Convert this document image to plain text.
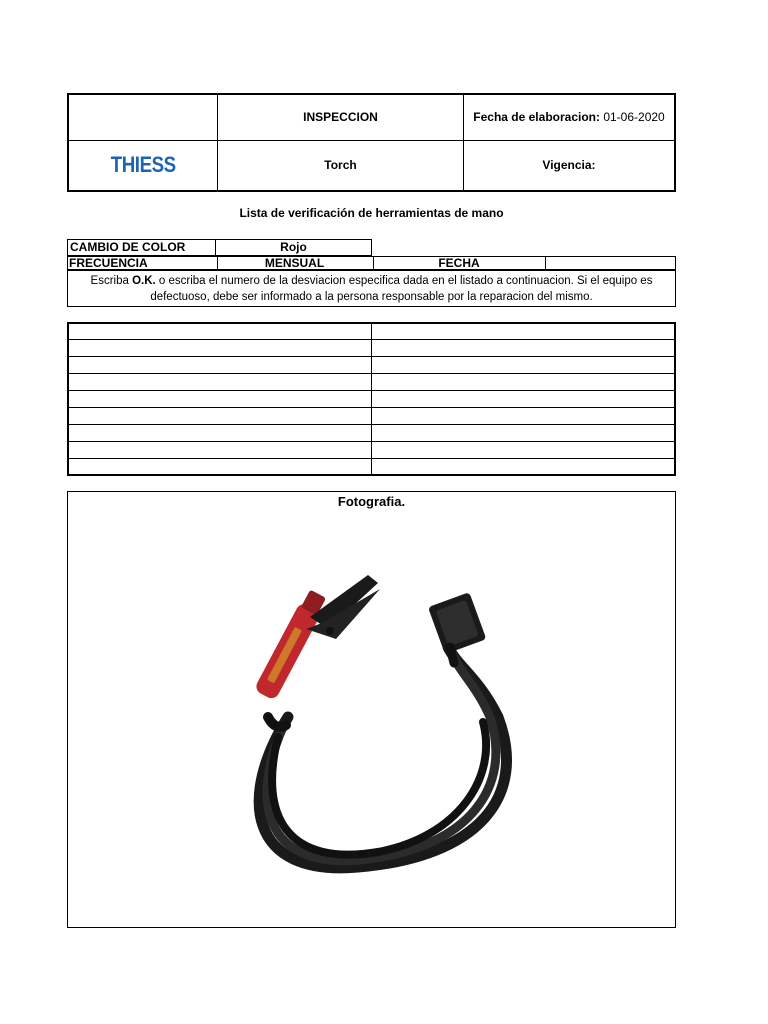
	INSPECCION	Fecha de elaboracion: 01-06-2020
THIESS	Torch	Vigencia:
Lista de verificación de herramientas de mano
CAMBIO DE COLOR	Rojo
FRECUENCIA	MENSUAL	FECHA
Escriba O.K. o escriba el numero de la desviacion especifica dada en el listado a continuacion. Si el equipo es defectuoso, debe ser informado a la persona responsable por la reparacion del mismo.

Fotografia.
